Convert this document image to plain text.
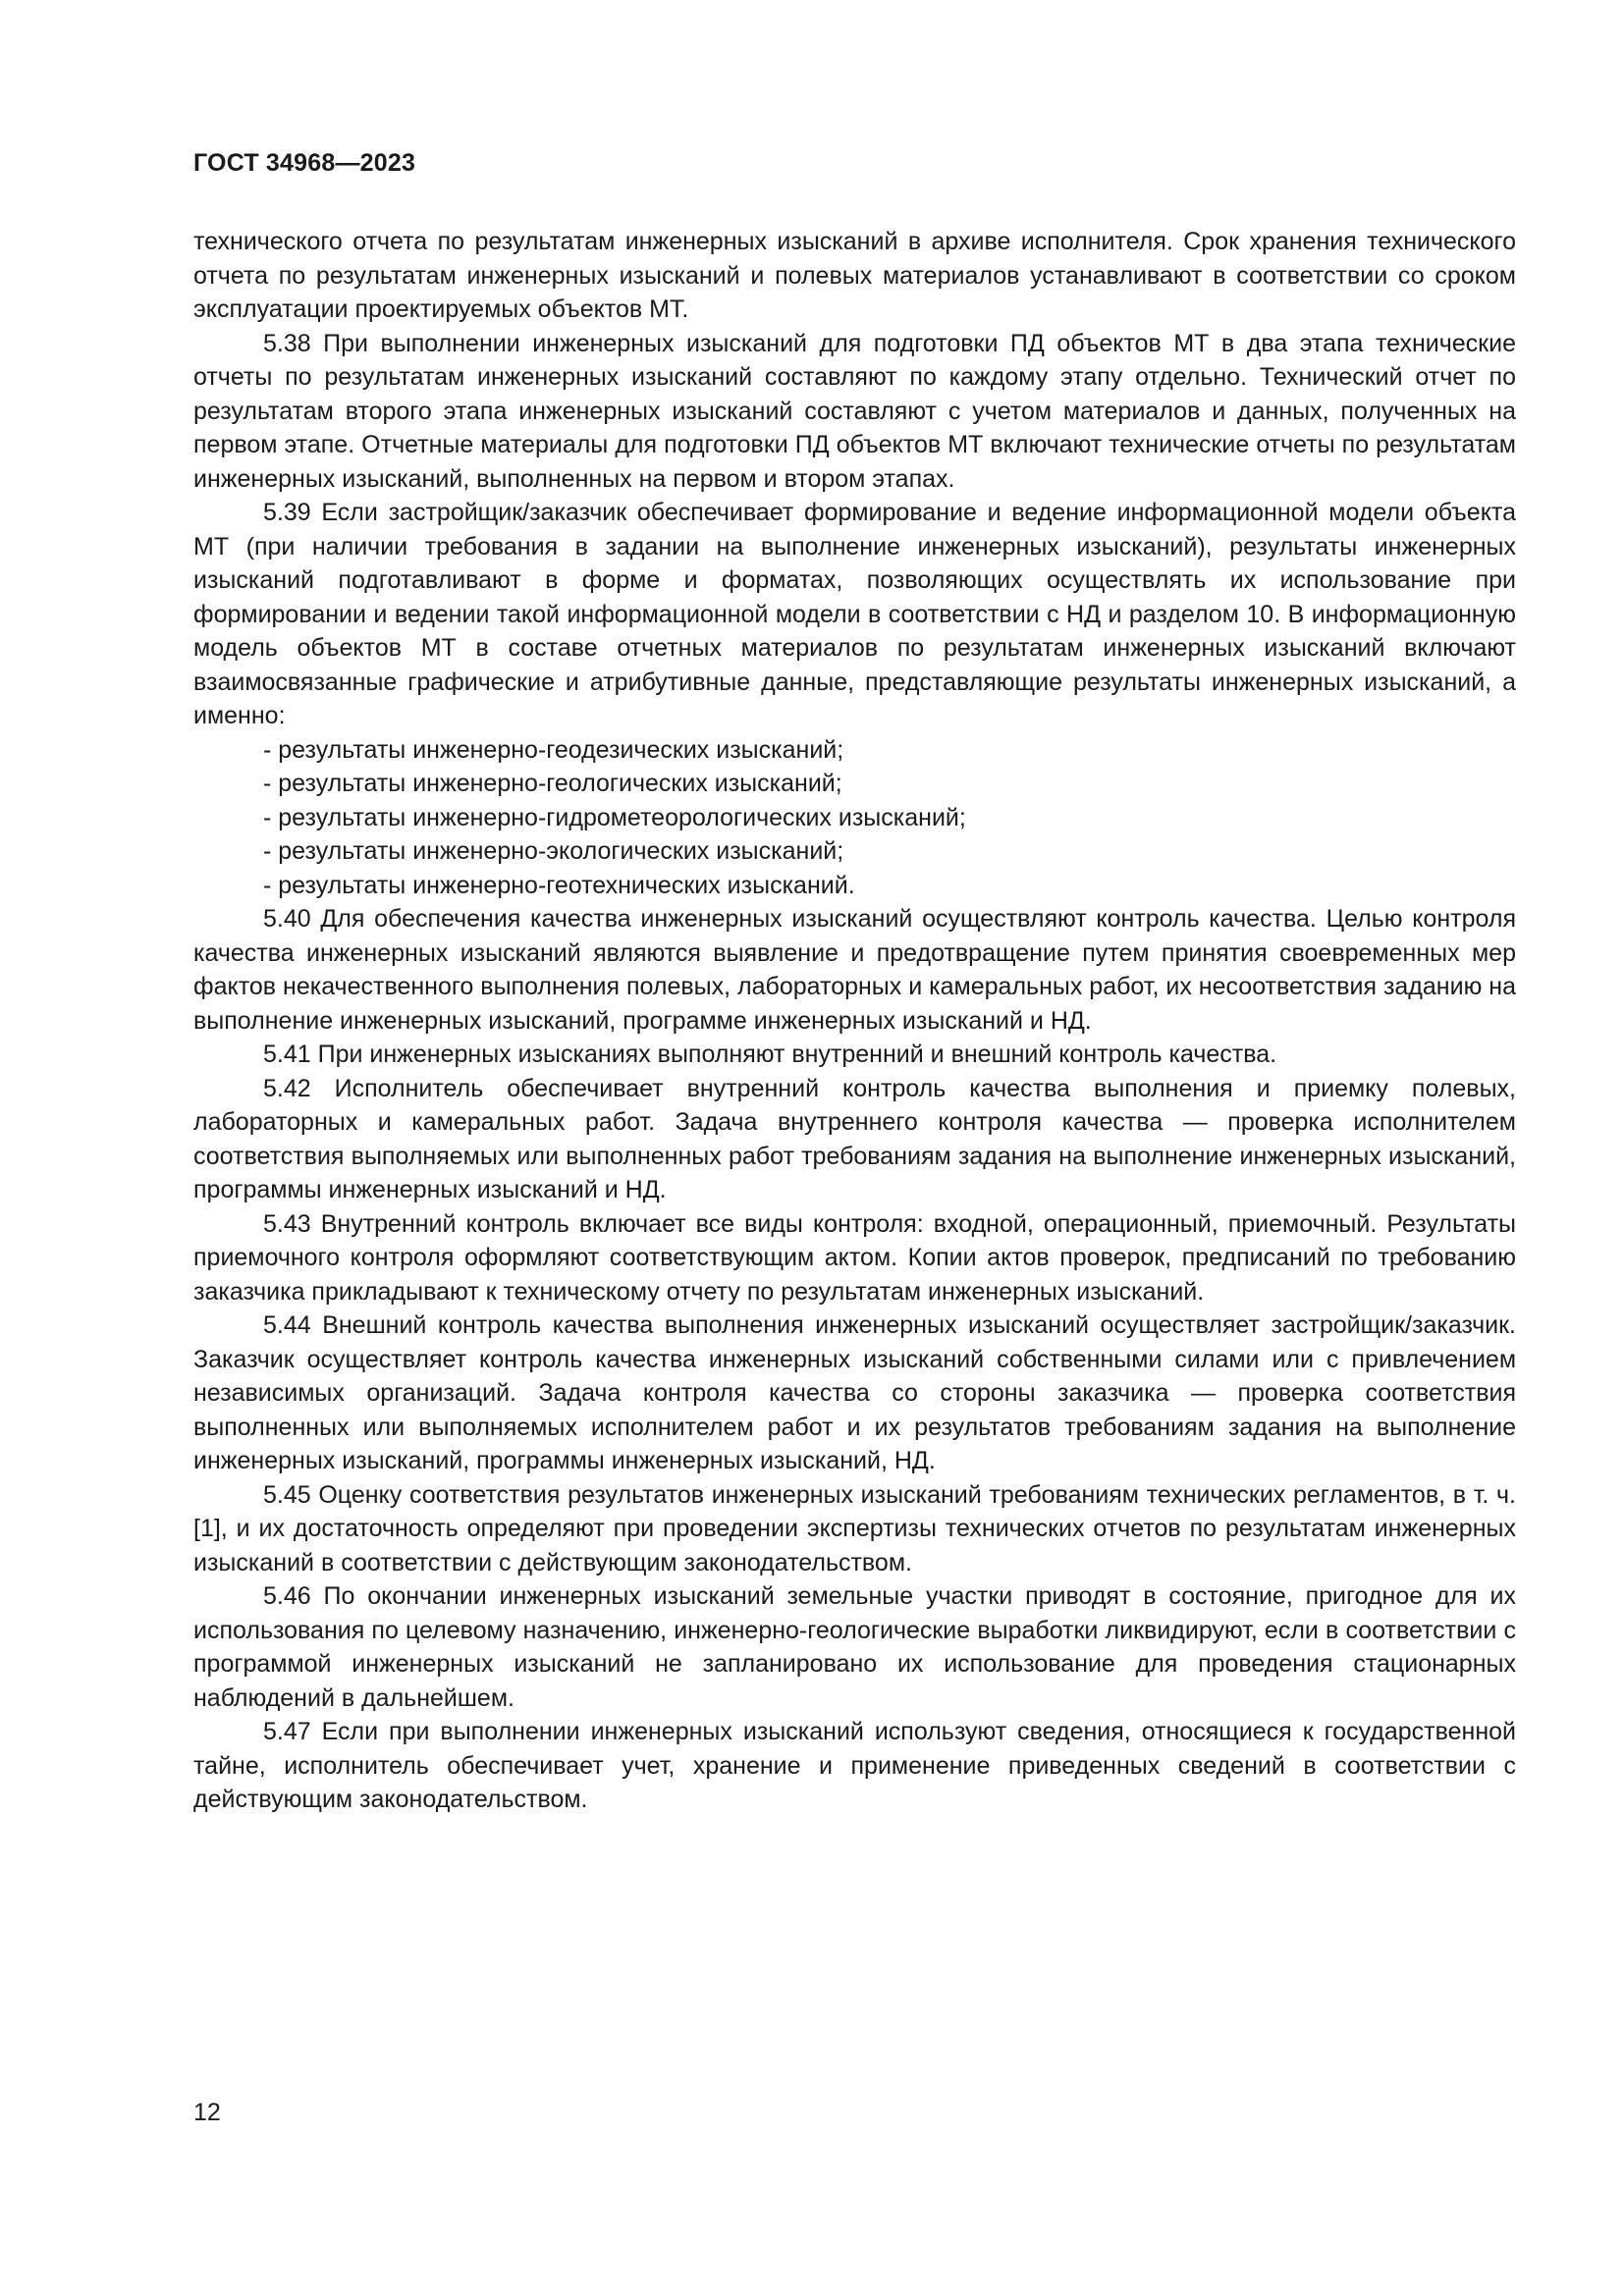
ГОСТ 34968—2023

технического отчета по результатам инженерных изысканий в архиве исполнителя. Срок хранения технического отчета по результатам инженерных изысканий и полевых материалов устанавливают в соответствии со сроком эксплуатации проектируемых объектов МТ.

5.38 При выполнении инженерных изысканий для подготовки ПД объектов МТ в два этапа технические отчеты по результатам инженерных изысканий составляют по каждому этапу отдельно. Технический отчет по результатам второго этапа инженерных изысканий составляют с учетом материалов и данных, полученных на первом этапе. Отчетные материалы для подготовки ПД объектов МТ включают технические отчеты по результатам инженерных изысканий, выполненных на первом и втором этапах.

5.39 Если застройщик/заказчик обеспечивает формирование и ведение информационной модели объекта МТ (при наличии требования в задании на выполнение инженерных изысканий), результаты инженерных изысканий подготавливают в форме и форматах, позволяющих осуществлять их использование при формировании и ведении такой информационной модели в соответствии с НД и разделом 10. В информационную модель объектов МТ в составе отчетных материалов по результатам инженерных изысканий включают взаимосвязанные графические и атрибутивные данные, представляющие результаты инженерных изысканий, а именно:

- результаты инженерно-геодезических изысканий;
- результаты инженерно-геологических изысканий;
- результаты инженерно-гидрометеорологических изысканий;
- результаты инженерно-экологических изысканий;
- результаты инженерно-геотехнических изысканий.

5.40 Для обеспечения качества инженерных изысканий осуществляют контроль качества. Целью контроля качества инженерных изысканий являются выявление и предотвращение путем принятия своевременных мер фактов некачественного выполнения полевых, лабораторных и камеральных работ, их несоответствия заданию на выполнение инженерных изысканий, программе инженерных изысканий и НД.

5.41 При инженерных изысканиях выполняют внутренний и внешний контроль качества.

5.42 Исполнитель обеспечивает внутренний контроль качества выполнения и приемку полевых, лабораторных и камеральных работ. Задача внутреннего контроля качества — проверка исполнителем соответствия выполняемых или выполненных работ требованиям задания на выполнение инженерных изысканий, программы инженерных изысканий и НД.

5.43 Внутренний контроль включает все виды контроля: входной, операционный, приемочный. Результаты приемочного контроля оформляют соответствующим актом. Копии актов проверок, предписаний по требованию заказчика прикладывают к техническому отчету по результатам инженерных изысканий.

5.44 Внешний контроль качества выполнения инженерных изысканий осуществляет застройщик/заказчик. Заказчик осуществляет контроль качества инженерных изысканий собственными силами или с привлечением независимых организаций. Задача контроля качества со стороны заказчика — проверка соответствия выполненных или выполняемых исполнителем работ и их результатов требованиям задания на выполнение инженерных изысканий, программы инженерных изысканий, НД.

5.45 Оценку соответствия результатов инженерных изысканий требованиям технических регламентов, в т. ч. [1], и их достаточность определяют при проведении экспертизы технических отчетов по результатам инженерных изысканий в соответствии с действующим законодательством.

5.46 По окончании инженерных изысканий земельные участки приводят в состояние, пригодное для их использования по целевому назначению, инженерно-геологические выработки ликвидируют, если в соответствии с программой инженерных изысканий не запланировано их использование для проведения стационарных наблюдений в дальнейшем.

5.47 Если при выполнении инженерных изысканий используют сведения, относящиеся к государственной тайне, исполнитель обеспечивает учет, хранение и применение приведенных сведений в соответствии с действующим законодательством.

12
